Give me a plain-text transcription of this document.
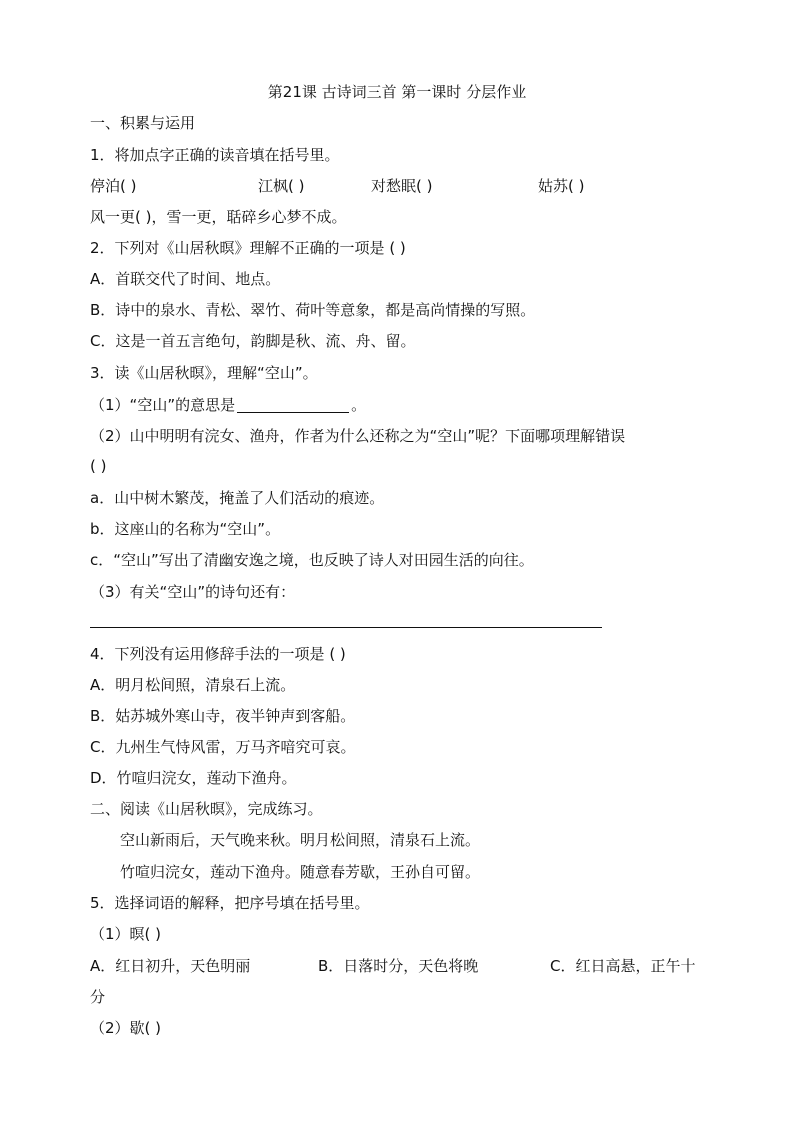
第21课 古诗词三首 第一课时 分层作业
一、积累与运用
1．将加点字正确的读音填在括号里。
停泊( )	江枫( )	对愁眠( )	姑苏( )
风一更( )，雪一更，聒碎乡心梦不成。
2．下列对《山居秋暝》理解不正确的一项是 ( )
A．首联交代了时间、地点。
B．诗中的泉水、青松、翠竹、荷叶等意象，都是高尚情操的写照。
C．这是一首五言绝句，韵脚是秋、流、舟、留。
3．读《山居秋暝》，理解“空山”。
（1）“空山”的意思是	。
（2）山中明明有浣女、渔舟，作者为什么还称之为“空山”呢？下面哪项理解错误
( )
a．山中树木繁茂，掩盖了人们活动的痕迹。
b．这座山的名称为“空山”。
c．“空山”写出了清幽安逸之境，也反映了诗人对田园生活的向往。
（3）有关“空山”的诗句还有：
4．下列没有运用修辞手法的一项是 ( )
A．明月松间照，清泉石上流。
B．姑苏城外寒山寺，夜半钟声到客船。
C．九州生气恃风雷，万马齐喑究可哀。
D．竹喧归浣女，莲动下渔舟。
二、阅读《山居秋暝》，完成练习。
空山新雨后，天气晚来秋。明月松间照，清泉石上流。
竹喧归浣女，莲动下渔舟。随意春芳歇，王孙自可留。
5．选择词语的解释，把序号填在括号里。
（1）暝( )
A．红日初升，天色明丽	B．日落时分，天色将晚	C．红日高悬，正午十
分
（2）歇( )
